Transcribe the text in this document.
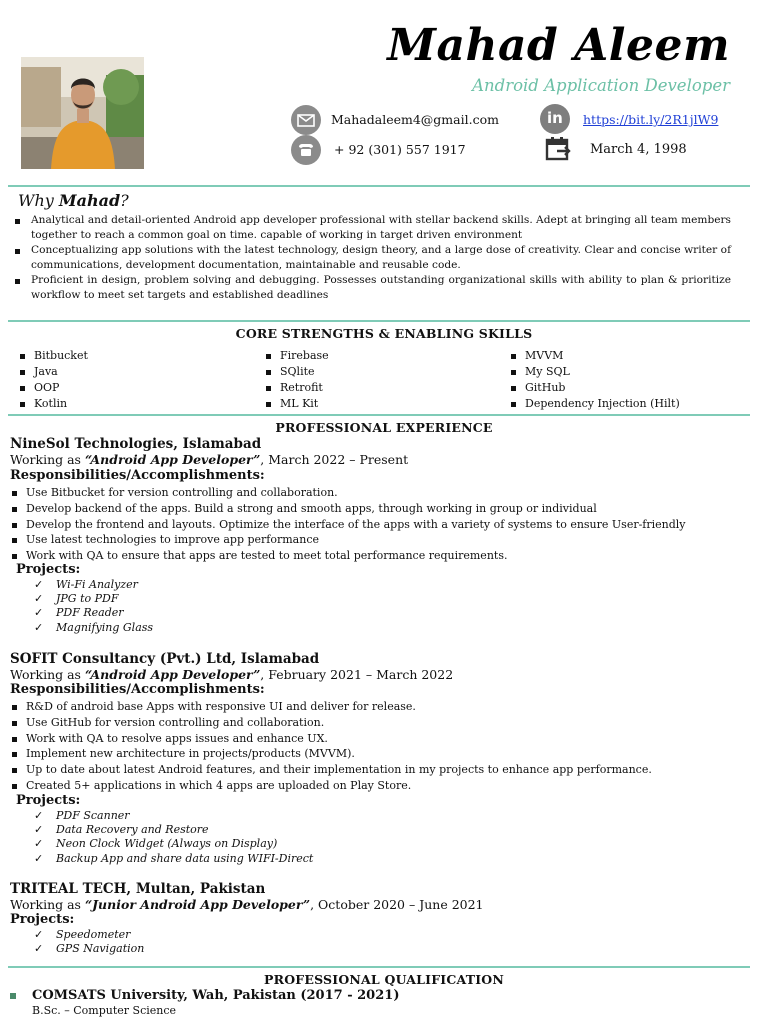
Mahad Aleem
Android Application Developer
Mahadaleem4@gmail.com
+ 92 (301) 557 1917
in https://bit.ly/2R1jlW9
March 4, 1998
Why Mahad?
Analytical and detail-oriented Android app developer professional with stellar backend skills. Adept at bringing all team members together to reach a common goal on time. capable of working in target driven environment
Conceptualizing app solutions with the latest technology, design theory, and a large dose of creativity. Clear and concise writer of communications, development documentation, maintainable and reusable code.
Proficient in design, problem solving and debugging. Possesses outstanding organizational skills with ability to plan & prioritize workflow to meet set targets and established deadlines
CORE STRENGTHS & ENABLING SKILLS
Bitbucket
Java
OOP
Kotlin
Firebase
SQlite
Retrofit
ML Kit
MVVM
My SQL
GitHub
Dependency Injection (Hilt)
PROFESSIONAL EXPERIENCE
NineSol Technologies, Islamabad
Working as “Android App Developer”, March 2022 – Present
Responsibilities/Accomplishments:
Use Bitbucket for version controlling and collaboration.
Develop backend of the apps. Build a strong and smooth apps, through working in group or individual
Develop the frontend and layouts. Optimize the interface of the apps with a variety of systems to ensure User-friendly
Use latest technologies to improve app performance
Work with QA to ensure that apps are tested to meet total performance requirements.
Projects:
✓ Wi-Fi Analyzer
✓ JPG to PDF
✓ PDF Reader
✓ Magnifying Glass
SOFIT Consultancy (Pvt.) Ltd, Islamabad
Working as “Android App Developer”, February 2021 – March 2022
Responsibilities/Accomplishments:
R&D of android base Apps with responsive UI and deliver for release.
Use GitHub for version controlling and collaboration.
Work with QA to resolve apps issues and enhance UX.
Implement new architecture in projects/products (MVVM).
Up to date about latest Android features, and their implementation in my projects to enhance app performance.
Created 5+ applications in which 4 apps are uploaded on Play Store.
Projects:
✓ PDF Scanner
✓ Data Recovery and Restore
✓ Neon Clock Widget (Always on Display)
✓ Backup App and share data using WIFI-Direct
TRITEAL TECH, Multan, Pakistan
Working as “Junior Android App Developer”, October 2020 – June 2021
Projects:
✓ Speedometer
✓ GPS Navigation
PROFESSIONAL QUALIFICATION
COMSATS University, Wah, Pakistan (2017 - 2021)
B.Sc. – Computer Science
